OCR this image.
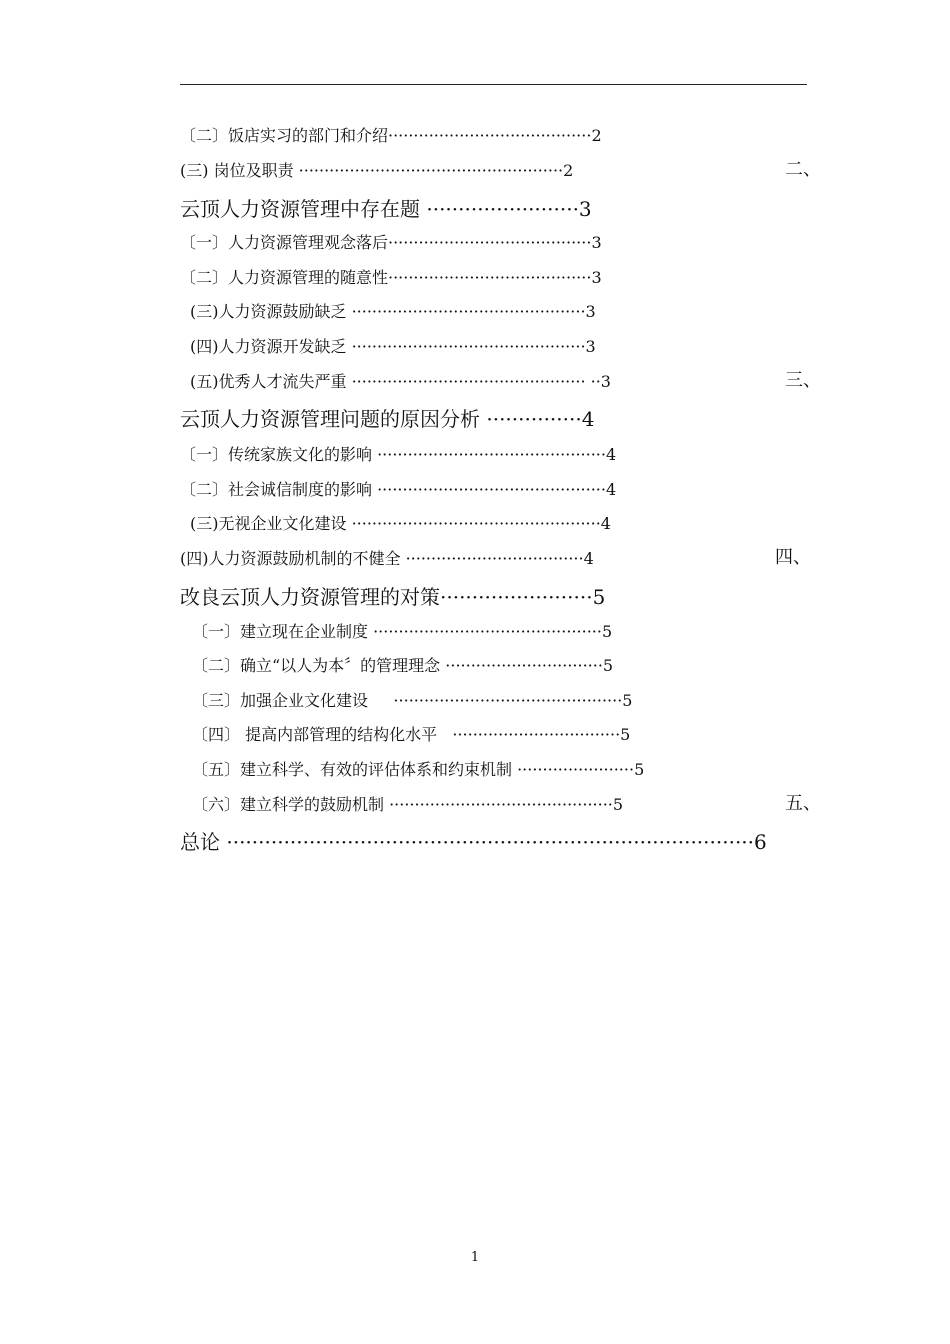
〔二〕饭店实习的部门和介绍········································2
(三) 岗位及职责 ····················································2	二、
云顶人力资源管理中存在题 ························3
〔一〕人力资源管理观念落后········································3
〔二〕人力资源管理的随意性········································3
(三)人力资源鼓励缺乏 ··············································3
(四)人力资源开发缺乏 ··············································3
(五)优秀人才流失严重 ·············································· ··3	三、
云顶人力资源管理问题的原因分析 ···············4
〔一〕传统家族文化的影响 ·············································4
〔二〕社会诚信制度的影响 ·············································4
(三)无视企业文化建设 ·················································4
(四)人力资源鼓励机制的不健全 ···································4	四、
改良云顶人力资源管理的对策························5
〔一〕建立现在企业制度 ·············································5
〔二〕确立“以人为本〞的管理理念 ·······························5
〔三〕加强企业文化建设     ·············································5
〔四〕 提高内部管理的结构化水平   ·································5
〔五〕建立科学、有效的评估体系和约束机制 ·······················5
〔六〕建立科学的鼓励机制 ············································5	五、
总论 ···················································································6
1
